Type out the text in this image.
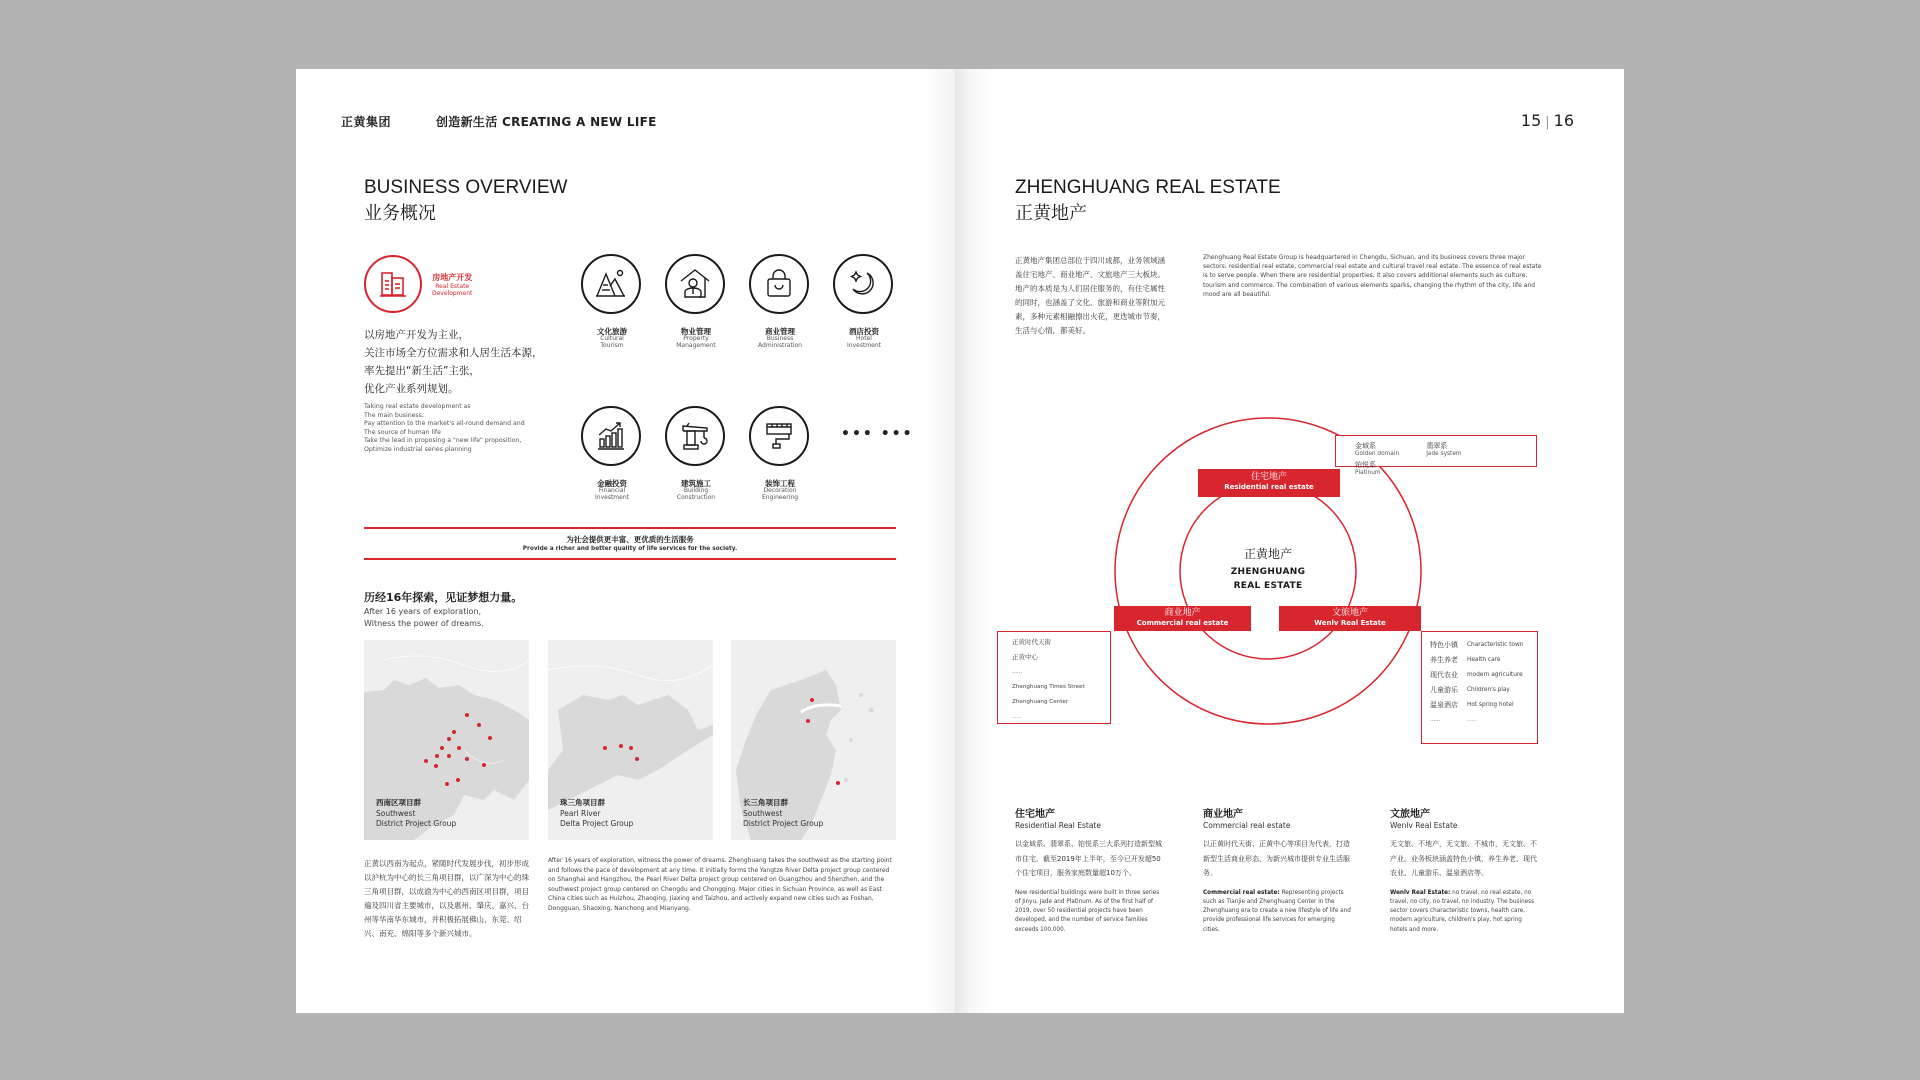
正黄集团	创造新生活 CREATING A NEW LIFE
BUSINESS OVERVIEW
业务概况
房地产开发
Real Estate
Development
以房地产开发为主业，
关注市场全方位需求和人居生活本源，
率先提出“新生活”主张，
优化产业系列规划。
Taking real estate development as
The main business,
Pay attention to the market's all-round demand and
The source of human life
Take the lead in proposing a "new life" proposition,
Optimize industrial series planning
文化旅游
Cultural
Tourism
物业管理
Property
Management
商业管理
Business
Administration
酒店投资
Hotel
Investment
••• •••
金融投资
Financial
Investment
建筑施工
Building
Construction
装饰工程
Decoration
Engineering
为社会提供更丰富、更优质的生活服务
Provide a richer and better quality of life services for the society.
历经16年探索，见证梦想力量。
After 16 years of exploration,
Witness the power of dreams.
西南区项目群
Southwest
District Project Group
珠三角项目群
Pearl River
Delta Project Group
长三角项目群
Southwest
District Project Group
正黄以西南为起点，紧随时代发展步伐，初步形成以沪杭为中心的长三角项目群，以广深为中心的珠三角项目群，以成渝为中心的西南区项目群，项目遍及四川省主要城市，以及惠州、肇庆、嘉兴、台州等华南华东城市，并积极拓展佛山、东莞、绍兴、南充、绵阳等多个新兴城市。
After 16 years of exploration, witness the power of dreams. Zhenghuang takes the southwest as the starting point and follows the pace of development at any time. It initially forms the Yangtze River Delta project group centered on Shanghai and Hangzhou, the Pearl River Delta project group centered on Guangzhou and Shenzhen, and the southwest project group centered on Chengdu and Chongqing. Major cities in Sichuan Province, as well as East China cities such as Huizhou, Zhaoqing, Jiaxing and Taizhou, and actively expand new cities such as Foshan, Dongguan, Shaoxing, Nanchong and Mianyang.
15 | 16
ZHENGHUANG REAL ESTATE
正黄地产
正黄地产集团总部位于四川成都，业务领域涵盖住宅地产、商业地产、文旅地产三大板块。地产的本质是为人们居住服务的，有住宅属性的同时，也涵盖了文化、旅游和商业等附加元素，多种元素相融擦出火花，更迭城市节奏，生活与心情，都美好。
Zhenghuang Real Estate Group is headquartered in Chengdu, Sichuan, and its business covers three major sectors: residential real estate, commercial real estate and cultural travel real estate. The essence of real estate is to serve people. When there are residential properties, it also covers additional elements such as culture, tourism and commerce. The combination of various elements sparks, changing the rhythm of the city, life and mood are all beautiful.
金域系
Golden domain

翡翠系
Jade system

铂悦系
Platinum
住宅地产
Residential real estate
商业地产
Commercial real estate
文旅地产
Wenlv Real Estate
正黄地产
ZHENGHUANG
REAL ESTATE
正黄时代天街
正黄中心
……
Zhenghuang Times Street
Zhenghuang Center
……
特色小镇	Characteristic town
养生养老	Health care
现代农业	modern agriculture
儿童游乐	Children's play
温泉酒店	Hot spring hotel
……	……
住宅地产
Residential Real Estate
以金域系、翡翠系、铂悦系三大系列打造新型城市住宅，截至2019年上半年，至今已开发超50个住宅项目，服务家庭数量超10万个。
New residential buildings were built in three series of Jinyu, Jade and Platinum. As of the first half of 2019, over 50 residential projects have been developed, and the number of service families exceeds 100,000.
商业地产
Commercial real estate
以正黄时代天街、正黄中心等项目为代表，打造新型生活商业形态，为新兴城市提供专业生活服务。
Commercial real estate: Representing projects such as Tianjie and Zhenghuang Center in the Zhenghuang era to create a new lifestyle of life and provide professional life services for emerging cities.
文旅地产
Wenlv Real Estate
无文旅、不地产，无文旅、不城市，无文旅、不产业。业务板块涵盖特色小镇、养生养老、现代农业、儿童游乐、温泉酒店等。
Wenlv Real Estate: no travel, no real estate, no travel, no city, no travel, no industry. The business sector covers characteristic towns, health care, modern agriculture, children's play, hot spring hotels and more.
